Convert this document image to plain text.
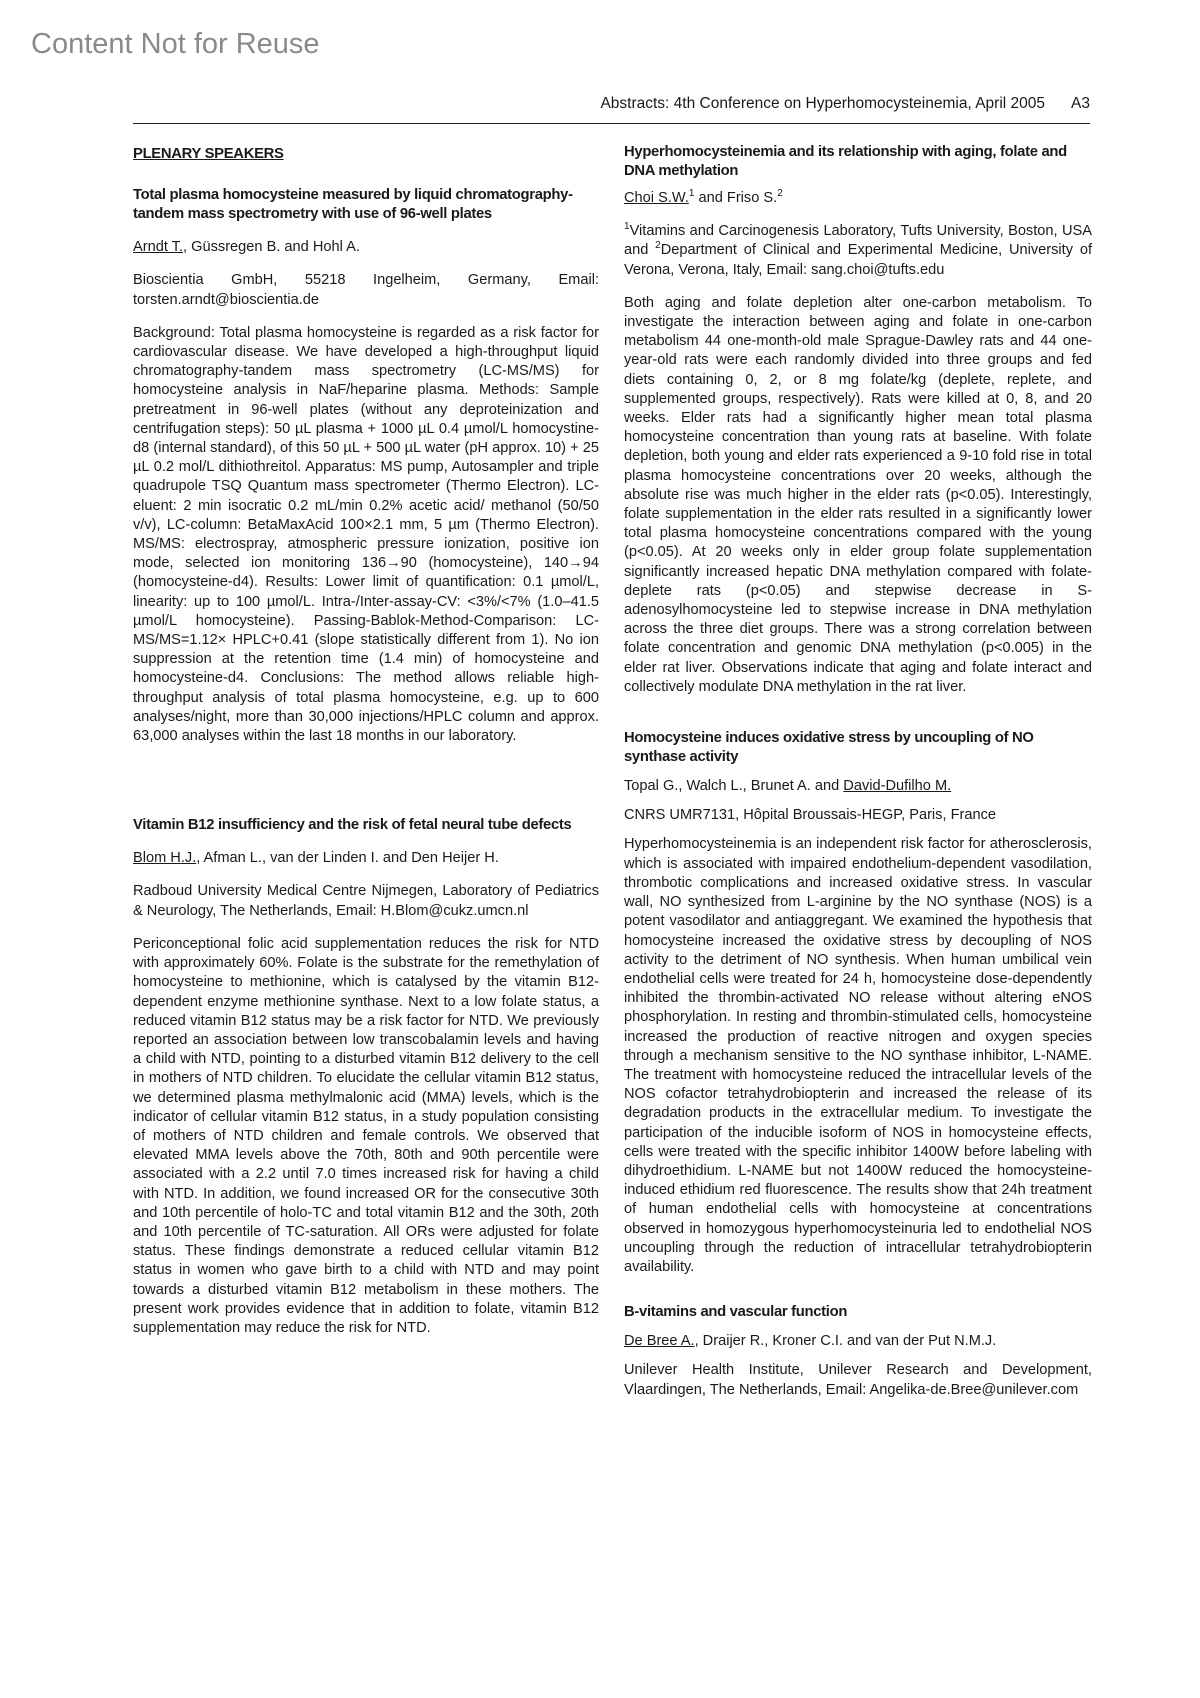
Content Not for Reuse
Abstracts: 4th Conference on Hyperhomocysteinemia, April 2005 A3
PLENARY SPEAKERS
Total plasma homocysteine measured by liquid chromatography-tandem mass spectrometry with use of 96-well plates
Arndt T., Güssregen B. and Hohl A.

Bioscientia GmbH, 55218 Ingelheim, Germany, Email: torsten.arndt@bioscientia.de

Background: Total plasma homocysteine is regarded as a risk factor for cardiovascular disease. We have developed a high-throughput liquid chromatography-tandem mass spectrometry (LC-MS/MS) for homocysteine analysis in NaF/heparine plasma. Methods: Sample pretreatment in 96-well plates (without any deproteinization and centrifugation steps): 50 µL plasma + 1000 µL 0.4 µmol/L homocystine-d8 (internal standard), of this 50 µL + 500 µL water (pH approx. 10) + 25 µL 0.2 mol/L dithiothreitol. Apparatus: MS pump, Autosampler and triple quadrupole TSQ Quantum mass spectrometer (Thermo Electron). LC-eluent: 2 min isocratic 0.2 mL/min 0.2% acetic acid/ methanol (50/50 v/v), LC-column: BetaMaxAcid 100×2.1 mm, 5 µm (Thermo Electron). MS/MS: electrospray, atmospheric pressure ionization, positive ion mode, selected ion monitoring 136→90 (homocysteine), 140→94 (homocysteine-d4). Results: Lower limit of quantification: 0.1 µmol/L, linearity: up to 100 µmol/L. Intra-/Inter-assay-CV: <3%/<7% (1.0–41.5 µmol/L homocysteine). Passing-Bablok-Method-Comparison: LC-MS/MS=1.12× HPLC+0.41 (slope statistically different from 1). No ion suppression at the retention time (1.4 min) of homocysteine and homocysteine-d4. Conclusions: The method allows reliable high-throughput analysis of total plasma homocysteine, e.g. up to 600 analyses/night, more than 30,000 injections/HPLC column and approx. 63,000 analyses within the last 18 months in our laboratory.

Vitamin B12 insufficiency and the risk of fetal neural tube defects
Blom H.J., Afman L., van der Linden I. and Den Heijer H.

Radboud University Medical Centre Nijmegen, Laboratory of Pediatrics & Neurology, The Netherlands, Email: H.Blom@cukz.umcn.nl

Periconceptional folic acid supplementation reduces the risk for NTD with approximately 60%. Folate is the substrate for the remethylation of homocysteine to methionine, which is catalysed by the vitamin B12-dependent enzyme methionine synthase. Next to a low folate status, a reduced vitamin B12 status may be a risk factor for NTD. We previously reported an association between low transcobalamin levels and having a child with NTD, pointing to a disturbed vitamin B12 delivery to the cell in mothers of NTD children. To elucidate the cellular vitamin B12 status, we determined plasma methylmalonic acid (MMA) levels, which is the indicator of cellular vitamin B12 status, in a study population consisting of mothers of NTD children and female controls. We observed that elevated MMA levels above the 70th, 80th and 90th percentile were associated with a 2.2 until 7.0 times increased risk for having a child with NTD. In addition, we found increased OR for the consecutive 30th and 10th percentile of holo-TC and total vitamin B12 and the 30th, 20th and 10th percentile of TC-saturation. All ORs were adjusted for folate status. These findings demonstrate a reduced cellular vitamin B12 status in women who gave birth to a child with NTD and may point towards a disturbed vitamin B12 metabolism in these mothers. The present work provides evidence that in addition to folate, vitamin B12 supplementation may reduce the risk for NTD.

Hyperhomocysteinemia and its relationship with aging, folate and DNA methylation
Choi S.W.$^1$ and Friso S.$^2$

$^1$Vitamins and Carcinogenesis Laboratory, Tufts University, Boston, USA and $^2$Department of Clinical and Experimental Medicine, University of Verona, Verona, Italy, Email: sang.choi@tufts.edu

Both aging and folate depletion alter one-carbon metabolism. To investigate the interaction between aging and folate in one-carbon metabolism 44 one-month-old male Sprague-Dawley rats and 44 one-year-old rats were each randomly divided into three groups and fed diets containing 0, 2, or 8 mg folate/kg (deplete, replete, and supplemented groups, respectively). Rats were killed at 0, 8, and 20 weeks. Elder rats had a significantly higher mean total plasma homocysteine concentration than young rats at baseline. With folate depletion, both young and elder rats experienced a 9-10 fold rise in total plasma homocysteine concentrations over 20 weeks, although the absolute rise was much higher in the elder rats (p<0.05). Interestingly, folate supplementation in the elder rats resulted in a significantly lower total plasma homocysteine concentrations compared with the young (p<0.05). At 20 weeks only in elder group folate supplementation significantly increased hepatic DNA methylation compared with folate-deplete rats (p<0.05) and stepwise decrease in S-adenosylhomocysteine led to stepwise increase in DNA methylation across the three diet groups. There was a strong correlation between folate concentration and genomic DNA methylation (p<0.005) in the elder rat liver. Observations indicate that aging and folate interact and collectively modulate DNA methylation in the rat liver.

Homocysteine induces oxidative stress by uncoupling of NO synthase activity
Topal G., Walch L., Brunet A. and David-Dufilho M.

CNRS UMR7131, Hôpital Broussais-HEGP, Paris, France

Hyperhomocysteinemia is an independent risk factor for atherosclerosis, which is associated with impaired endothelium-dependent vasodilation, thrombotic complications and increased oxidative stress. In vascular wall, NO synthesized from L-arginine by the NO synthase (NOS) is a potent vasodilator and antiaggregant. We examined the hypothesis that homocysteine increased the oxidative stress by decoupling of NOS activity to the detriment of NO synthesis. When human umbilical vein endothelial cells were treated for 24 h, homocysteine dose-dependently inhibited the thrombin-activated NO release without altering eNOS phosphorylation. In resting and thrombin-stimulated cells, homocysteine increased the production of reactive nitrogen and oxygen species through a mechanism sensitive to the NO synthase inhibitor, L-NAME. The treatment with homocysteine reduced the intracellular levels of the NOS cofactor tetrahydrobiopterin and increased the release of its degradation products in the extracellular medium. To investigate the participation of the inducible isoform of NOS in homocysteine effects, cells were treated with the specific inhibitor 1400W before labeling with dihydroethidium. L-NAME but not 1400W reduced the homocysteine-induced ethidium red fluorescence. The results show that 24h treatment of human endothelial cells with homocysteine at concentrations observed in homozygous hyperhomocysteinuria led to endothelial NOS uncoupling through the reduction of intracellular tetrahydrobiopterin availability.

B-vitamins and vascular function
De Bree A., Draijer R., Kroner C.I. and van der Put N.M.J.

Unilever Health Institute, Unilever Research and Development, Vlaardingen, The Netherlands, Email: Angelika-de.Bree@unilever.com
